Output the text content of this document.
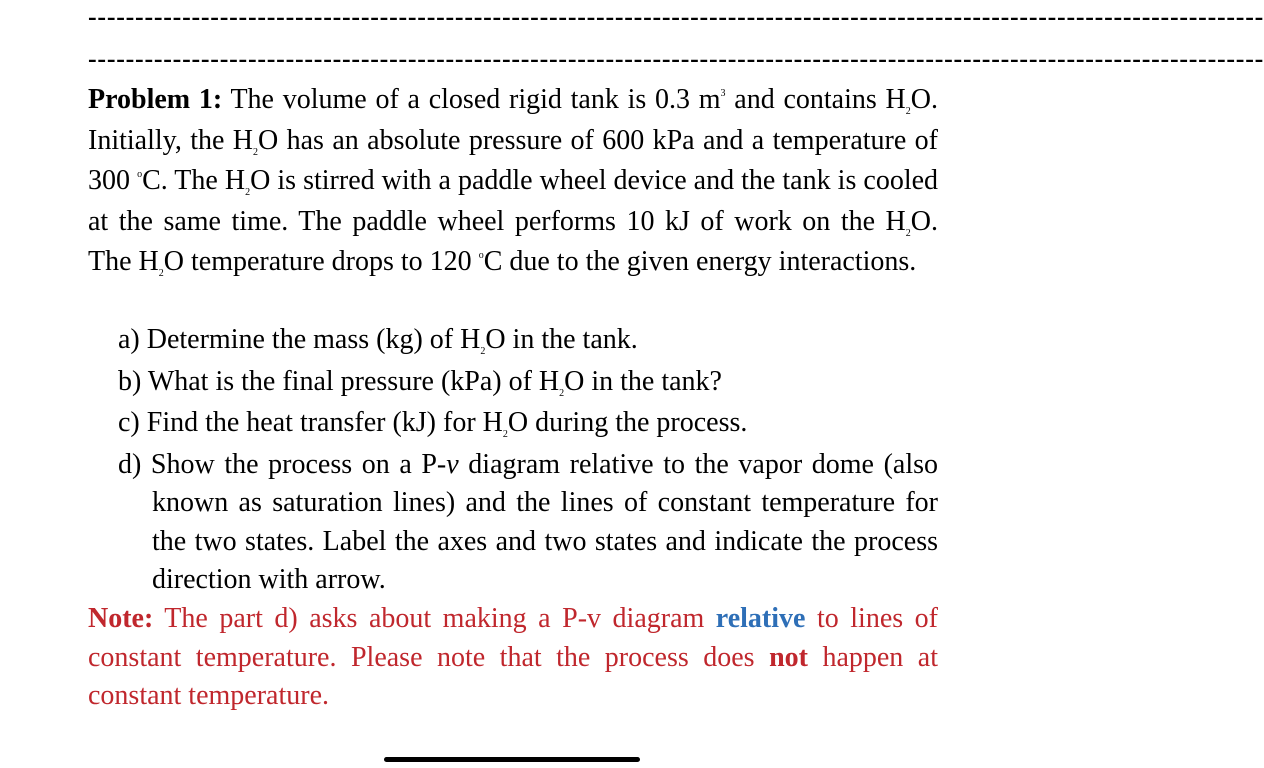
-----------------------------------------------------------------------------------------------------------------------------
-----------------------------------------------------------------------------------------------------------------------------

Problem 1: The volume of a closed rigid tank is 0.3 $m^3$ and contains $H_2O$. Initially, the $H_2O$ has an absolute pressure of 600 kPa and a temperature of 300 $^o$C. The $H_2O$ is stirred with a paddle wheel device and the tank is cooled at the same time. The paddle wheel performs 10 kJ of work on the $H_2O$. The $H_2O$ temperature drops to 120 $^o$C due to the given energy interactions.

a) Determine the mass (kg) of $H_2O$ in the tank.

b) What is the final pressure (kPa) of $H_2O$ in the tank?

c) Find the heat transfer (kJ) for $H_2O$ during the process.

d) Show the process on a P-v diagram relative to the vapor dome (also known as saturation lines) and the lines of constant temperature for the two states. Label the axes and two states and indicate the process direction with arrow.

Note: The part d) asks about making a P-v diagram relative to lines of constant temperature. Please note that the process does not happen at constant temperature.
